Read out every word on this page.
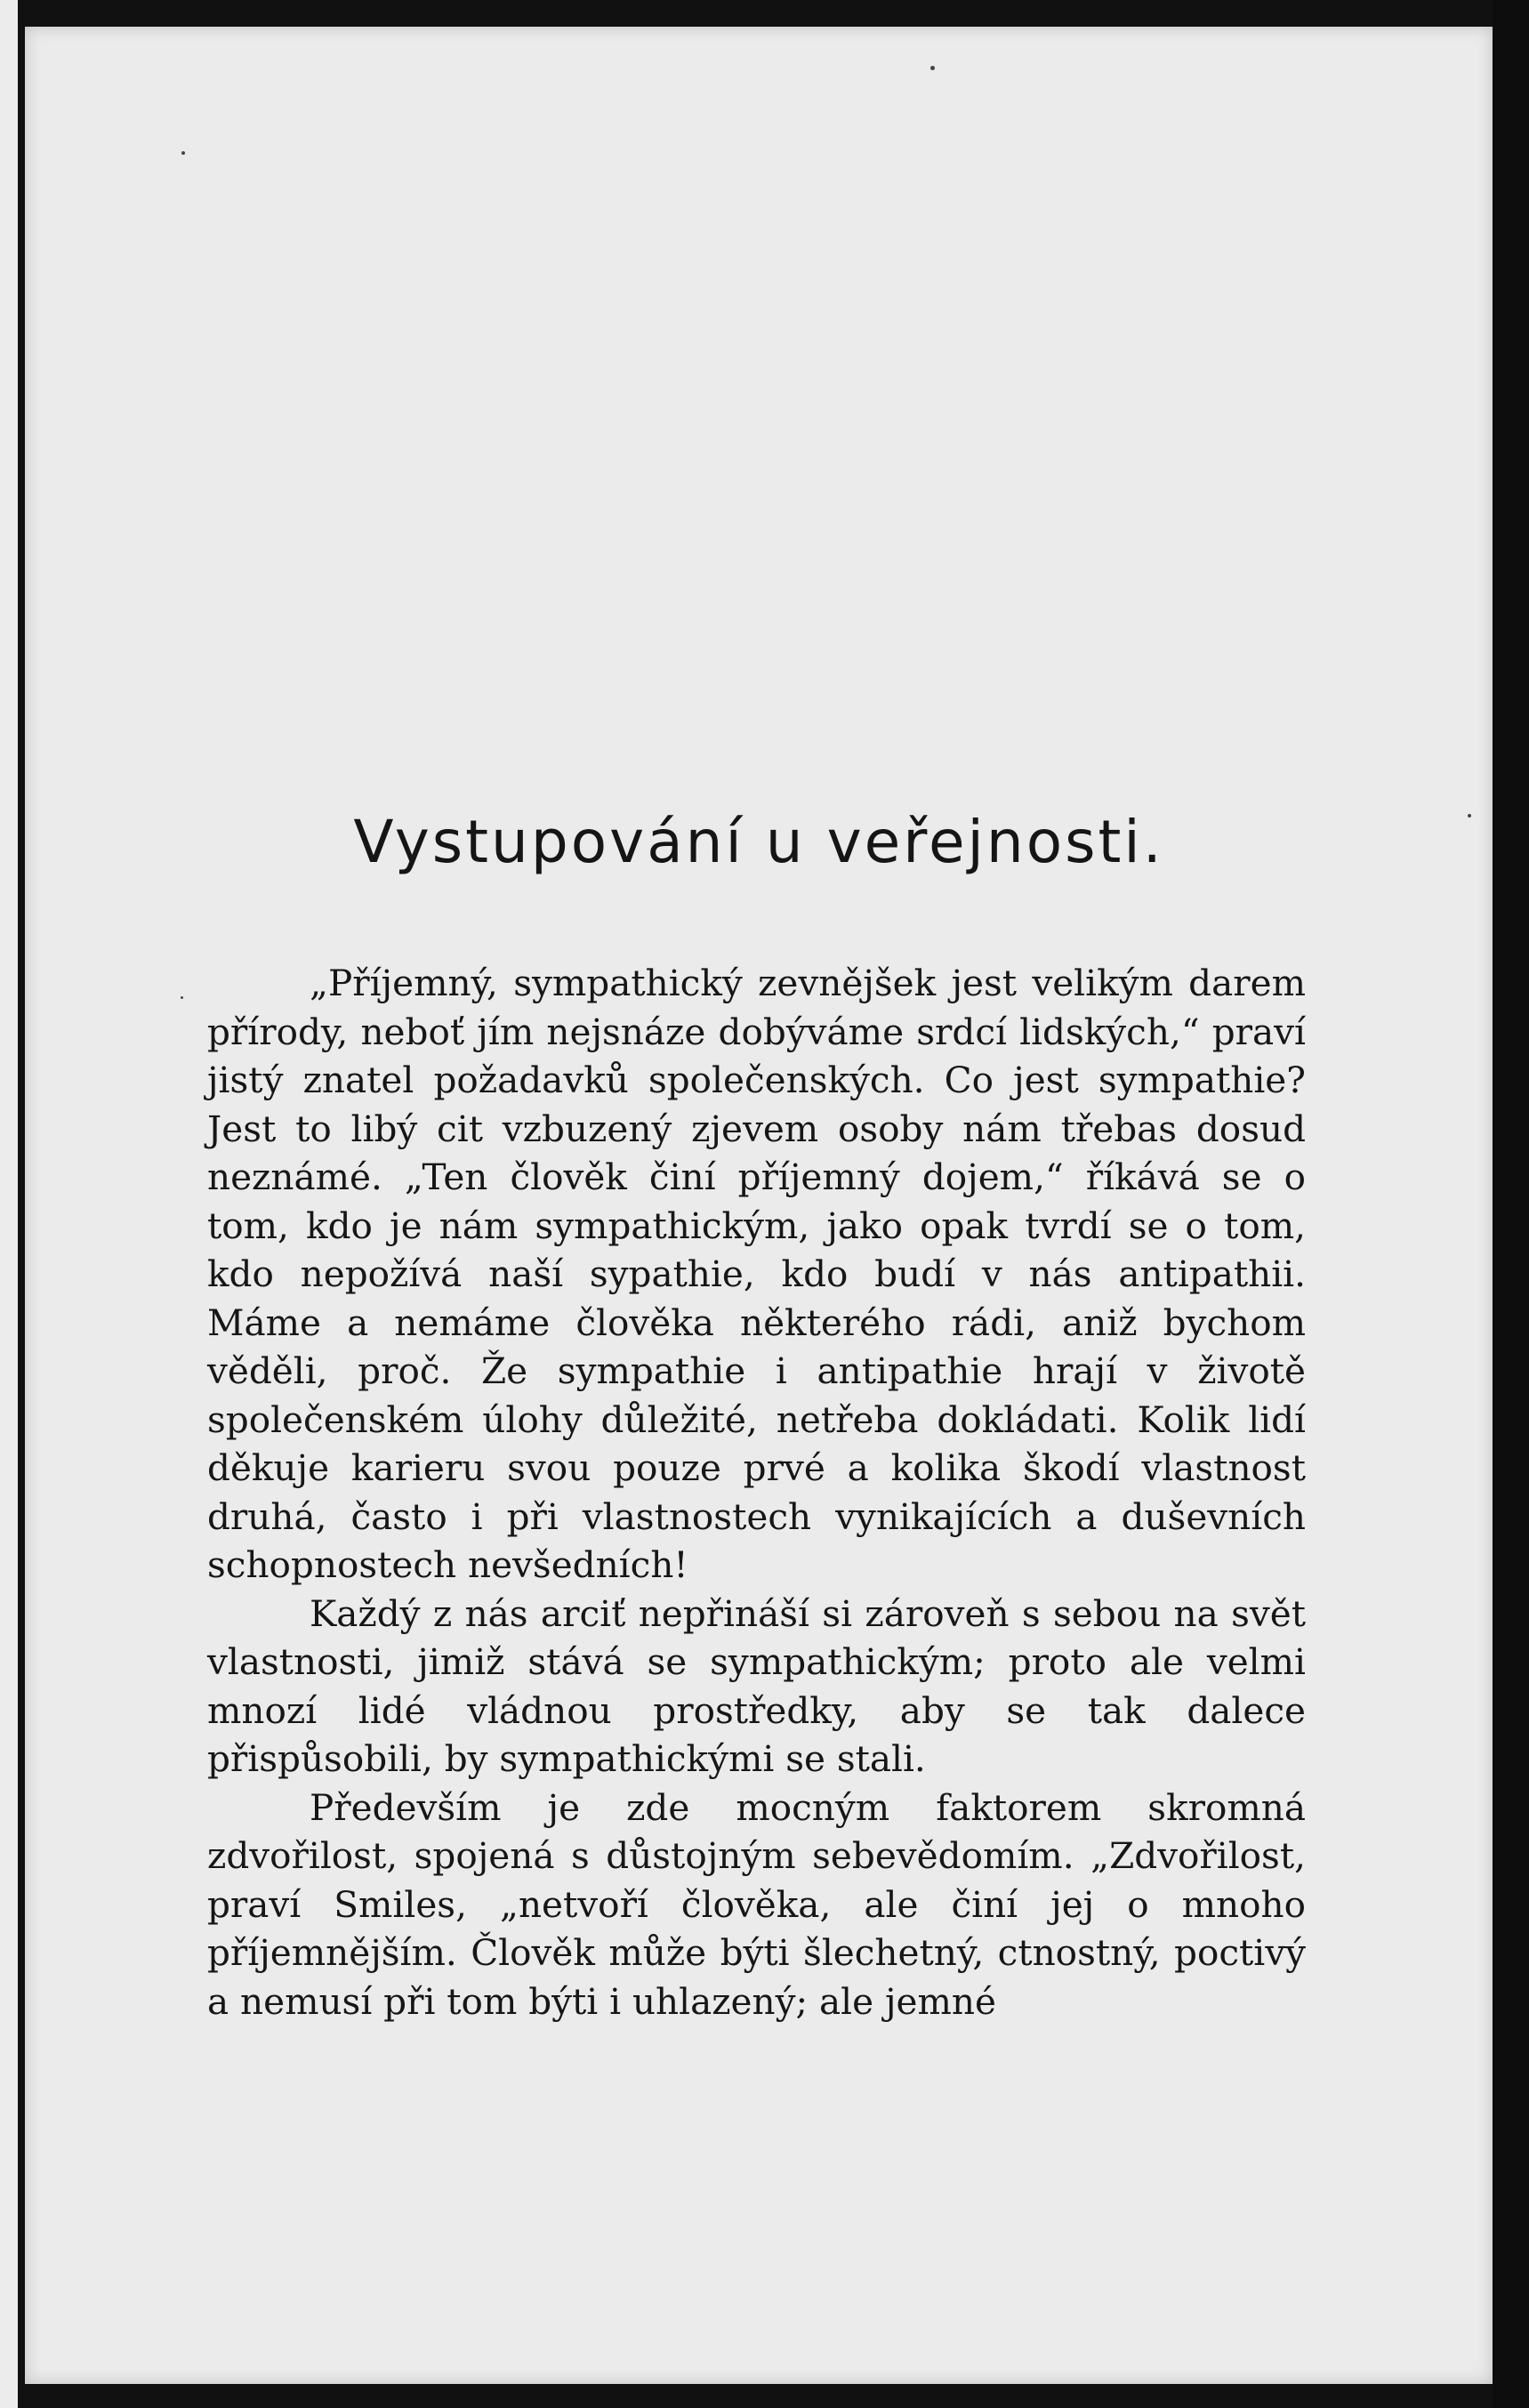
Vystupování u veřejnosti.

„Příjemný, sympathický zevnějšek jest velikým darem přírody, neboť jím nejsnáze dobýváme srdcí lidských,“ praví jistý znatel požadavků společenských. Co jest sympathie? Jest to libý cit vzbuzený zjevem osoby nám třebas dosud neznámé. „Ten člověk činí příjemný dojem,“ říkává se o tom, kdo je nám sympathickým, jako opak tvrdí se o tom, kdo nepožívá naší sypathie, kdo budí v nás antipathii. Máme a nemáme člověka některého rádi, aniž bychom věděli, proč. Že sympathie i antipathie hrají v životě společenském úlohy důležité, netřeba dokládati. Kolik lidí děkuje karieru svou pouze prvé a kolika škodí vlastnost druhá, často i při vlastnostech vynikajících a duševních schopnostech nevšedních!

Každý z nás arciť nepřináší si zároveň s sebou na svět vlastnosti, jimiž stává se sympathickým; proto ale velmi mnozí lidé vládnou prostředky, aby se tak dalece přispůsobili, by sympathickými se stali.

Především je zde mocným faktorem skromná zdvořilost, spojená s důstojným sebevědomím. „Zdvořilost, praví Smiles, „netvoří člověka, ale činí jej o mnoho příjemnějším. Člověk může býti šlechetný, ctnostný, poctivý a nemusí při tom býti i uhlazený; ale jemné
